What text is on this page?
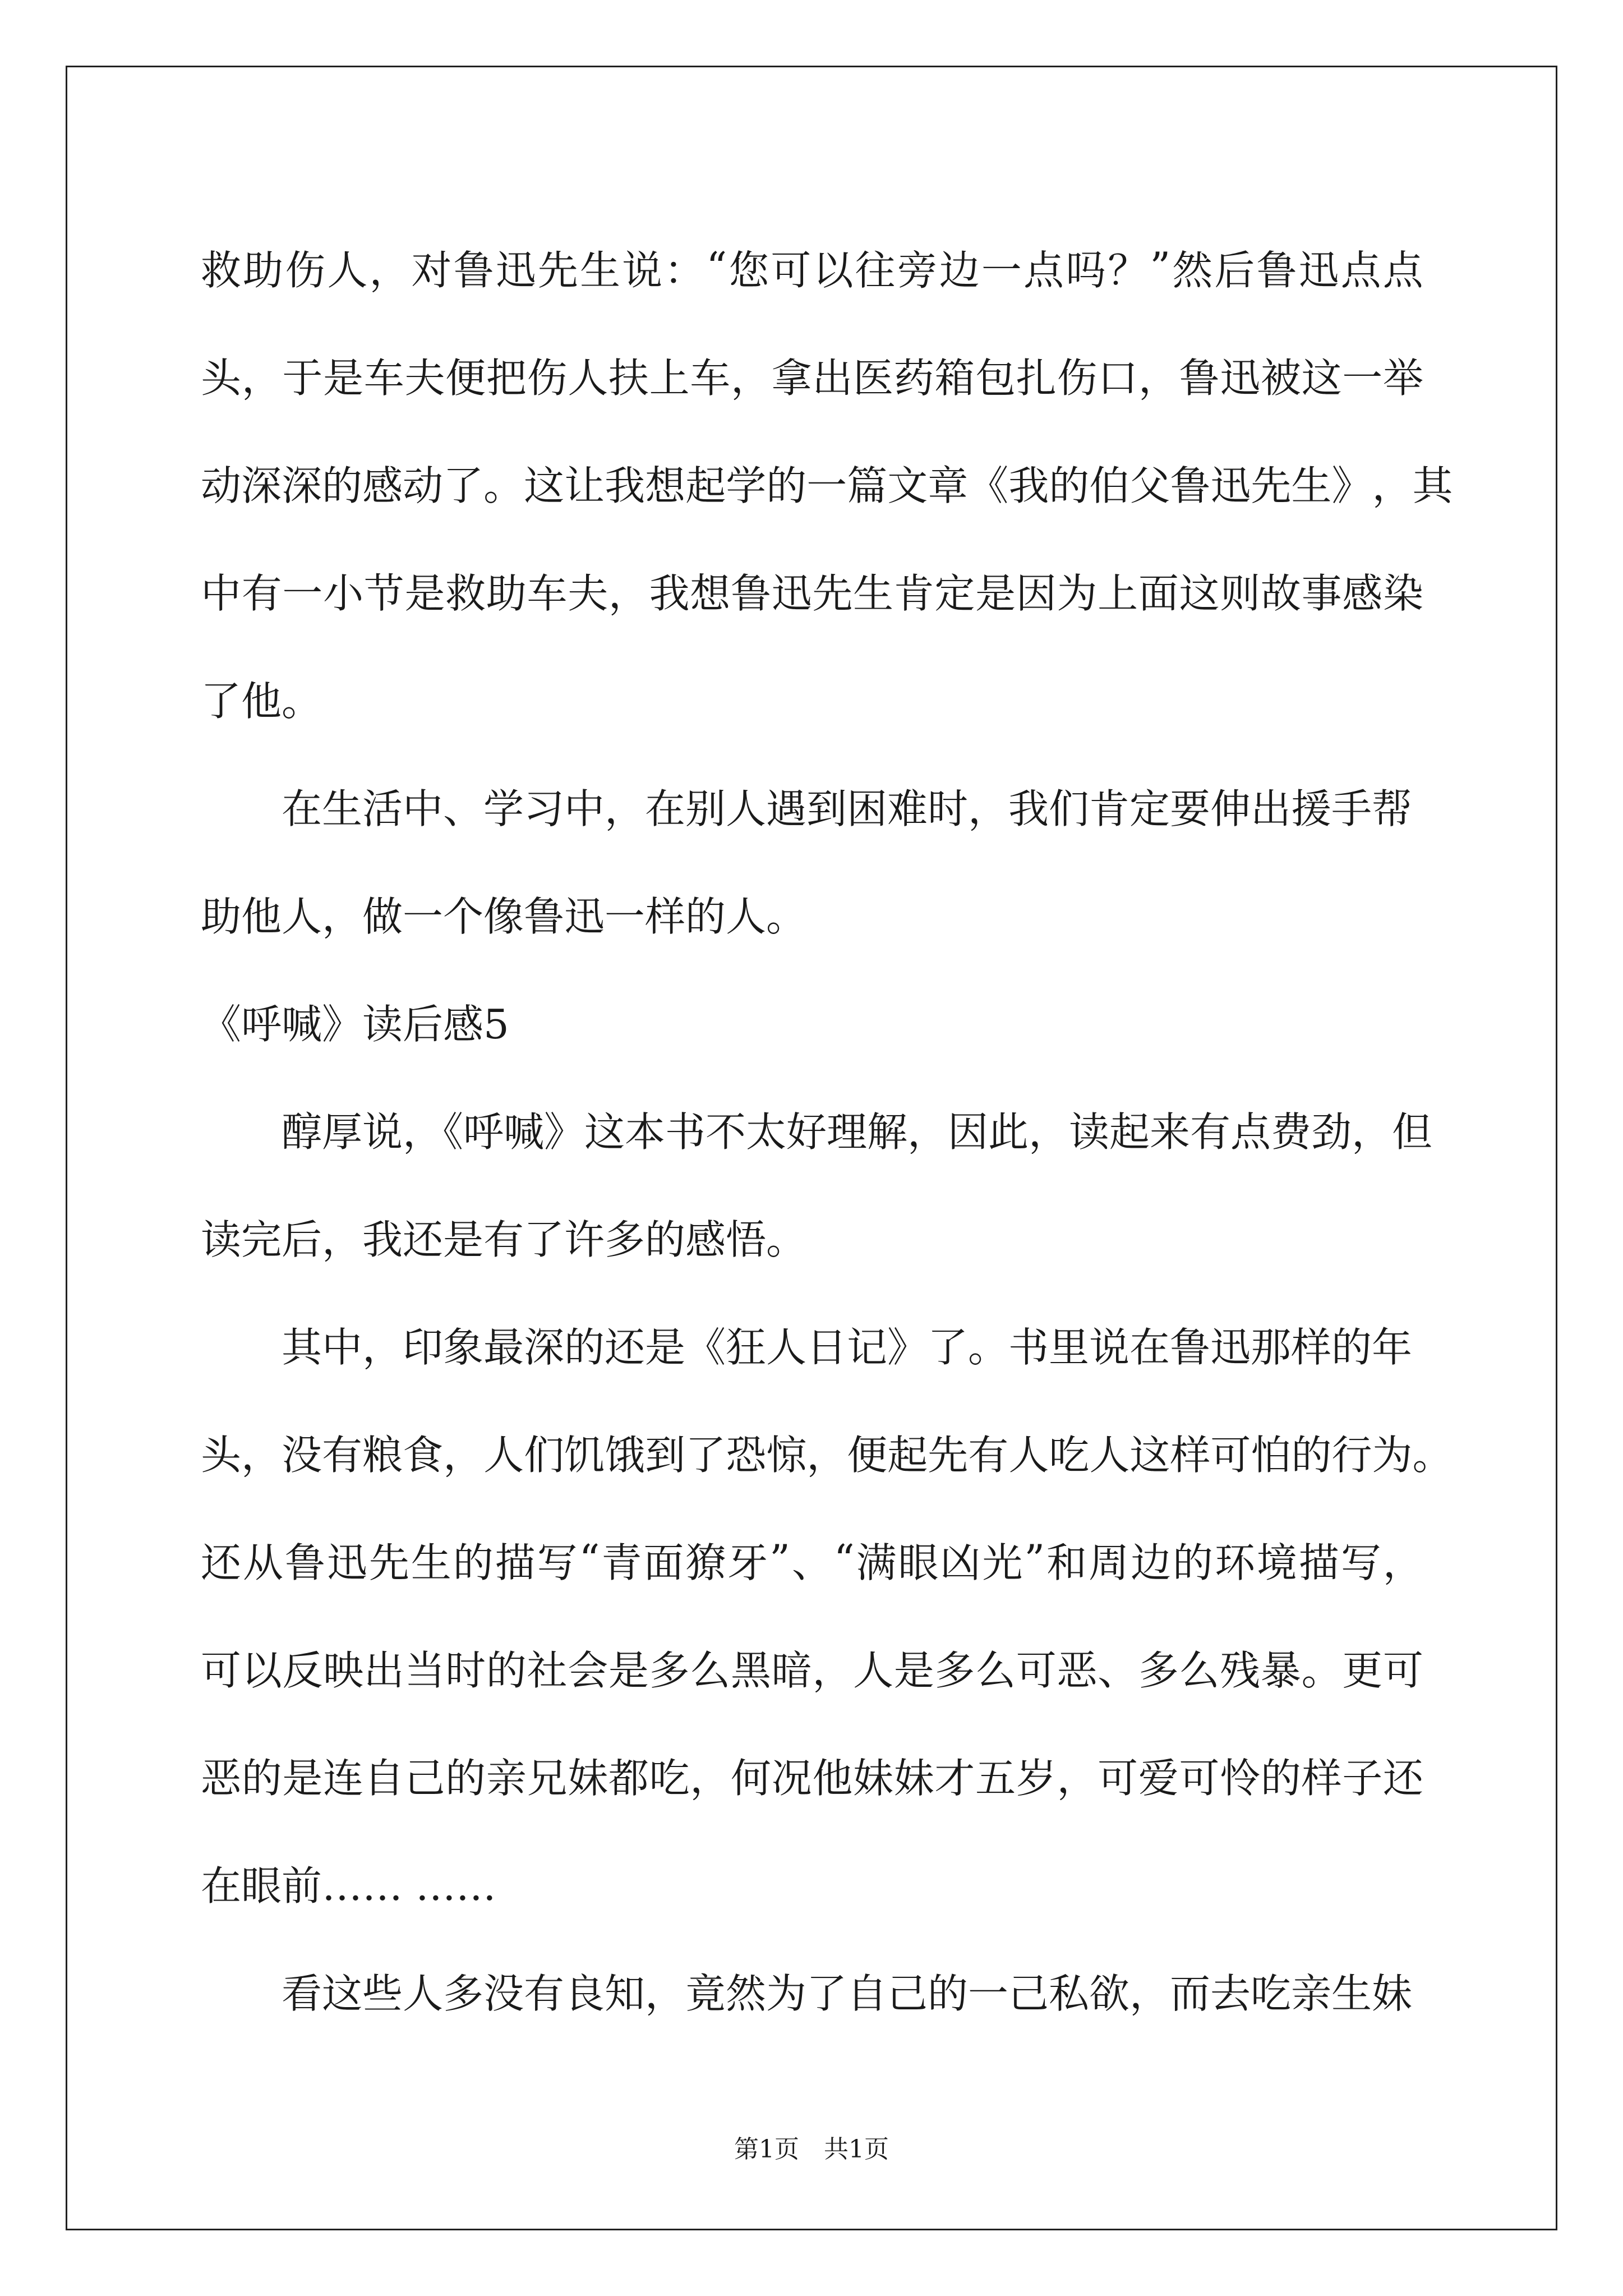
救 助 伤 人 ， 对 鲁 迅 先 生 说 ： “ 您 可 以 往 旁 边 一 点 吗 ？ ” 然 后 鲁 迅 点 点
头 ， 于 是 车 夫 便 把 伤 人 扶 上 车 ， 拿 出 医 药 箱 包 扎 伤 口 ， 鲁 迅 被 这 一 举
动 深 深 的 感 动 了 。 这 让 我 想 起 学 的 一 篇 文 章 《 我 的 伯 父 鲁 迅 先 生 》 ， 其
中 有 一 小 节 是 救 助 车 夫 ， 我 想 鲁 迅 先 生 肯 定 是 因 为 上 面 这 则 故 事 感 染
了他。
在生活中、学习中，在别人遇到困难时，我们肯定要伸出援手帮
助他人，做一个像鲁迅一样的人。
《呼喊》读后感5
醇厚说，《呼喊》这本书不太好理解，因此，读起来有点费劲，但
读完后，我还是有了许多的感悟。
其中，印象最深的还是《狂人日记》了。书里说在鲁迅那样的年
头 ， 没 有 粮 食 ， 人 们 饥 饿 到 了 恐 惊 ， 便 起 先 有 人 吃 人 这 样 可 怕 的 行 为 。
还 从 鲁 迅 先 生 的 描 写 “ 青 面 獠 牙 ” 、 “ 满 眼 凶 光 ” 和 周 边 的 环 境 描 写 ，
可 以 反 映 出 当 时 的 社 会 是 多 么 黑 暗 ， 人 是 多 么 可 恶 、 多 么 残 暴 。 更 可
恶 的 是 连 自 己 的 亲 兄 妹 都 吃 ， 何 况 他 妹 妹 才 五 岁 ， 可 爱 可 怜 的 样 子 还
在眼前…… ……
看这些人多没有良知，竟然为了自己的一己私欲，而去吃亲生妹
第1页　共1页
